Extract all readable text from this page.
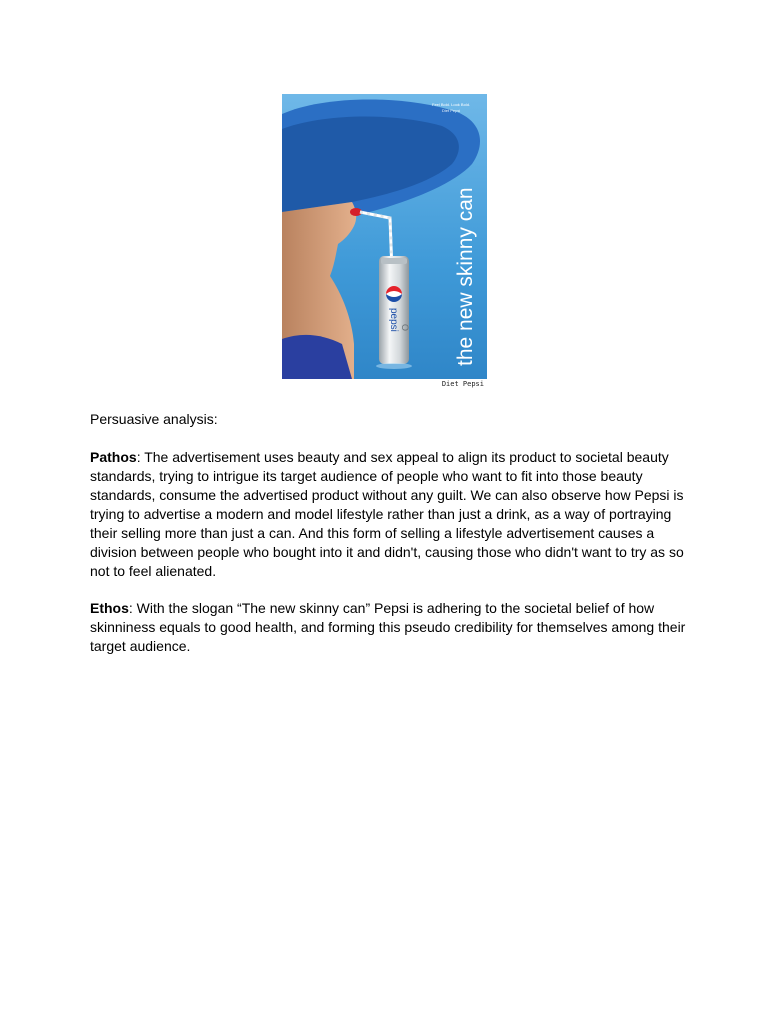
pepsi O
Feel Bold. Look Bold.
Diet Pepsi
the new skinny can
Diet Pepsi

Persuasive analysis:

Pathos: The advertisement uses beauty and sex appeal to align its product to societal beauty standards, trying to intrigue its target audience of people who want to fit into those beauty standards, consume the advertised product without any guilt. We can also observe how Pepsi is trying to advertise a modern and model lifestyle rather than just a drink, as a way of portraying their selling more than just a can. And this form of selling a lifestyle advertisement causes a division between people who bought into it and didn't, causing those who didn't want to try as so not to feel alienated.

Ethos: With the slogan “The new skinny can” Pepsi is adhering to the societal belief of how skinniness equals to good health, and forming this pseudo credibility for themselves among their target audience.
